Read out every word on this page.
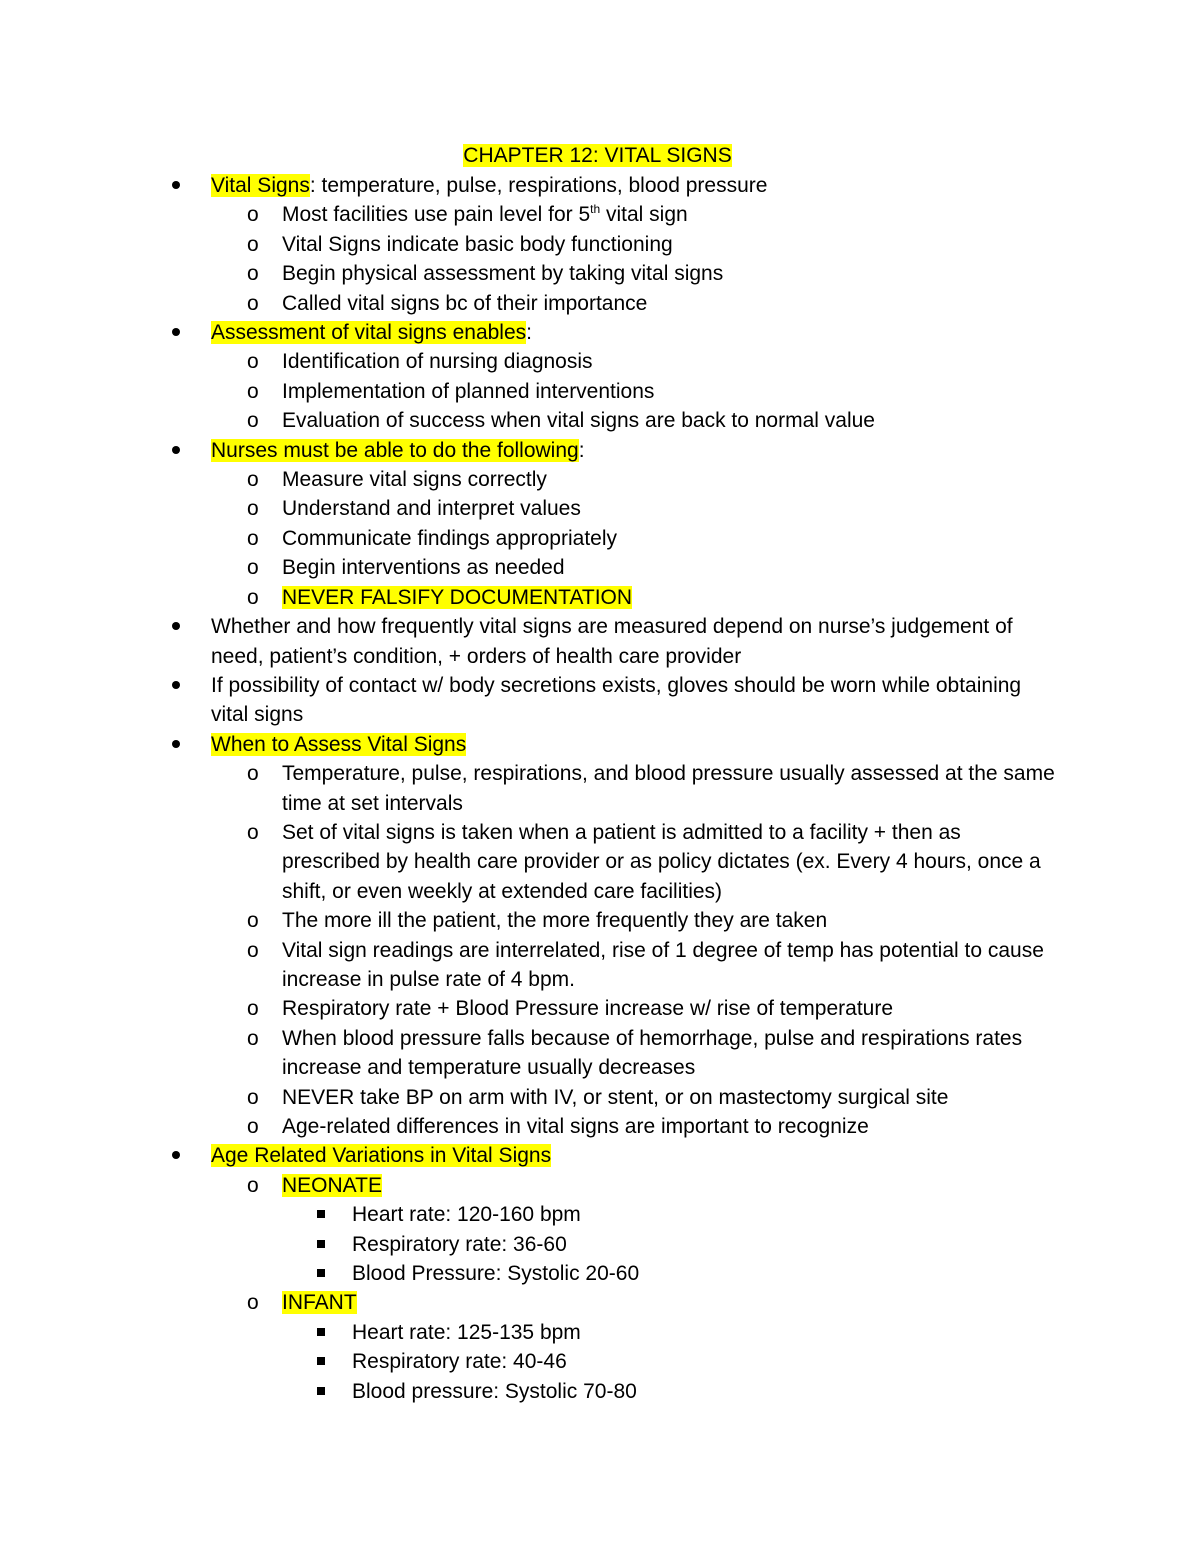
CHAPTER 12: VITAL SIGNS
Vital Signs: temperature, pulse, respirations, blood pressure
o Most facilities use pain level for 5th vital sign
o Vital Signs indicate basic body functioning
o Begin physical assessment by taking vital signs
o Called vital signs bc of their importance
Assessment of vital signs enables:
o Identification of nursing diagnosis
o Implementation of planned interventions
o Evaluation of success when vital signs are back to normal value
Nurses must be able to do the following:
o Measure vital signs correctly
o Understand and interpret values
o Communicate findings appropriately
o Begin interventions as needed
o NEVER FALSIFY DOCUMENTATION
Whether and how frequently vital signs are measured depend on nurse’s judgement of need, patient’s condition, + orders of health care provider
If possibility of contact w/ body secretions exists, gloves should be worn while obtaining vital signs
When to Assess Vital Signs
o Temperature, pulse, respirations, and blood pressure usually assessed at the same time at set intervals
o Set of vital signs is taken when a patient is admitted to a facility + then as prescribed by health care provider or as policy dictates (ex. Every 4 hours, once a shift, or even weekly at extended care facilities)
o The more ill the patient, the more frequently they are taken
o Vital sign readings are interrelated, rise of 1 degree of temp has potential to cause increase in pulse rate of 4 bpm.
o Respiratory rate + Blood Pressure increase w/ rise of temperature
o When blood pressure falls because of hemorrhage, pulse and respirations rates increase and temperature usually decreases
o NEVER take BP on arm with IV, or stent, or on mastectomy surgical site
o Age-related differences in vital signs are important to recognize
Age Related Variations in Vital Signs
o NEONATE
Heart rate: 120-160 bpm
Respiratory rate: 36-60
Blood Pressure: Systolic 20-60
o INFANT
Heart rate: 125-135 bpm
Respiratory rate: 40-46
Blood pressure: Systolic 70-80
